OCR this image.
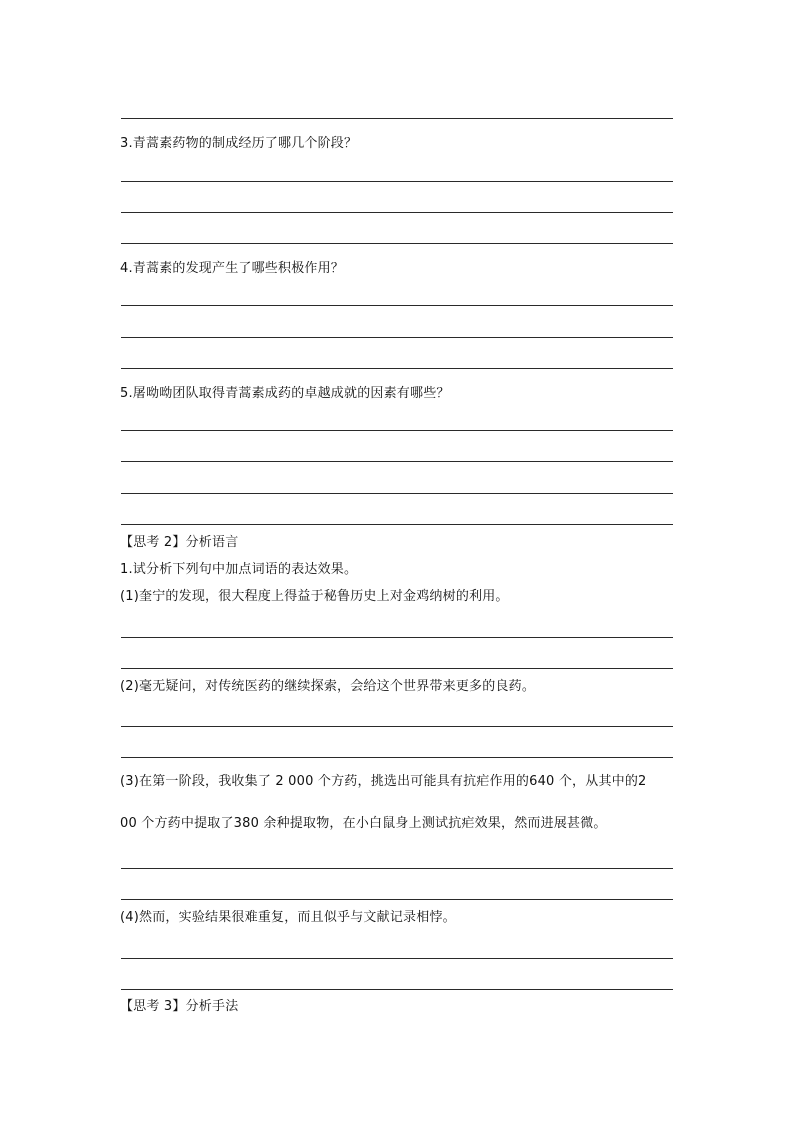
3.青蒿素药物的制成经历了哪几个阶段？
4.青蒿素的发现产生了哪些积极作用？
5.屠呦呦团队取得青蒿素成药的卓越成就的因素有哪些？
【思考 2】分析语言
1.试分析下列句中加点词语的表达效果。
(1)奎宁的发现，很大程度上得益于秘鲁历史上对金鸡纳树的利用。
(2)毫无疑问，对传统医药的继续探索，会给这个世界带来更多的良药。
(3)在第一阶段，我收集了 2 000 个方药，挑选出可能具有抗疟作用的640 个，从其中的2
00 个方药中提取了380 余种提取物，在小白鼠身上测试抗疟效果，然而进展甚微。
(4)然而，实验结果很难重复，而且似乎与文献记录相悖。
【思考 3】分析手法
